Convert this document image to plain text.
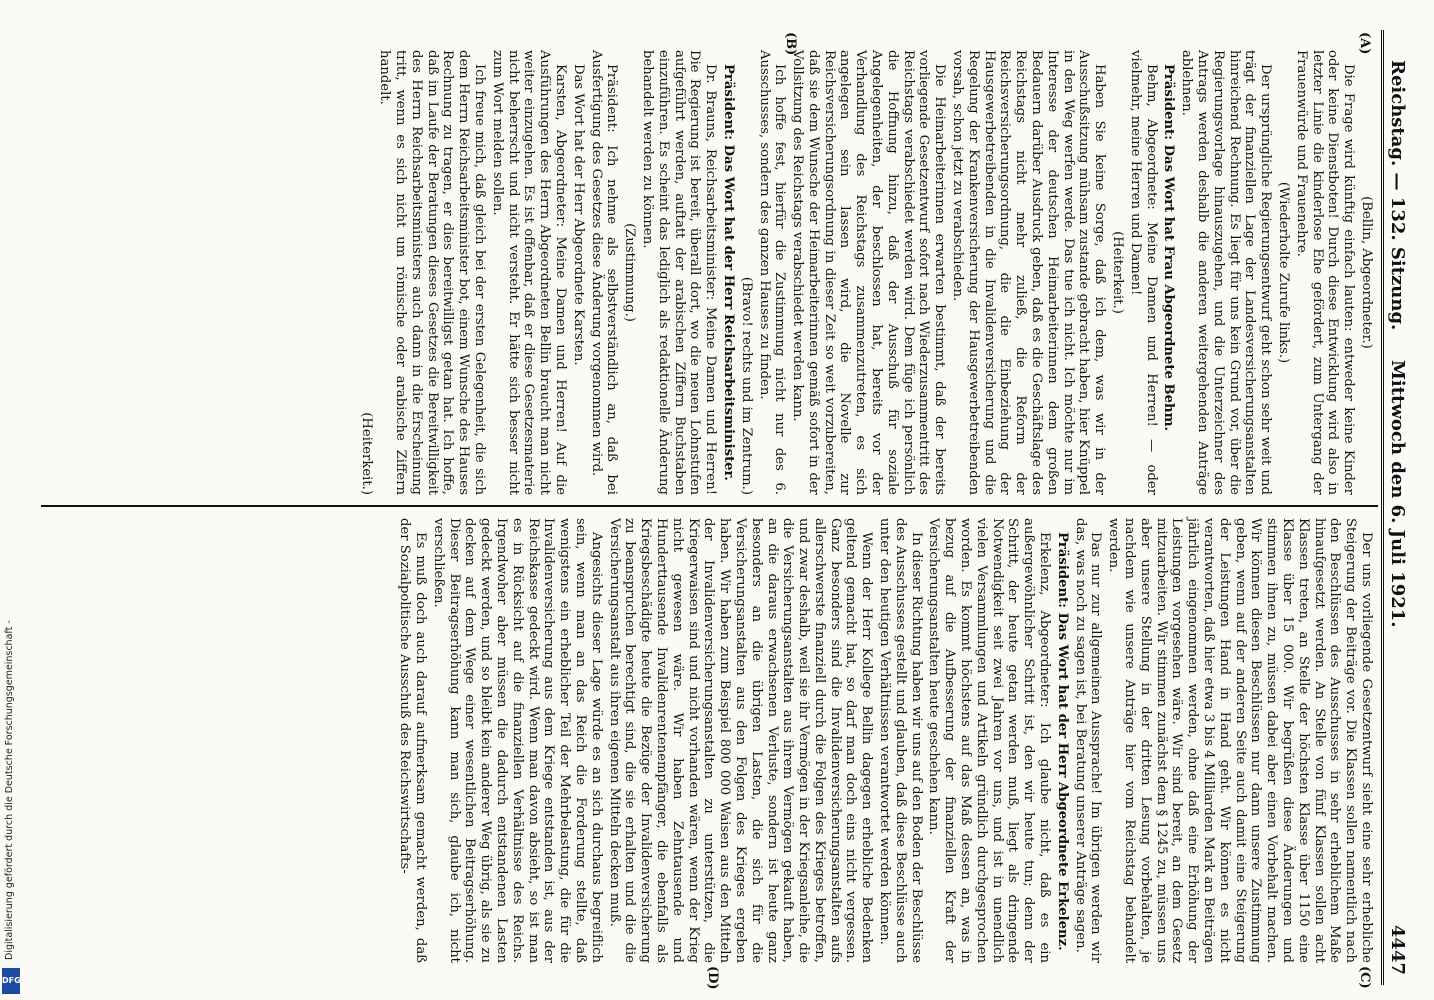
Reichstag. — 132. Sitzung.
Mittwoch den 6. Juli 1921.
4447
(A)
(B)
(C)
(D)

(Bellin, Abgeordneter.)

Die Frage wird künftig einfach lauten: entweder keine Kinder oder keine Dienstboten! Durch diese Entwicklung wird also in letzter Linie die kinderlose Ehe gefördert, zum Untergang der Frauenwürde und Frauenehre.

(Wiederholte Zurufe links.)

Der ursprüngliche Regierungsentwurf geht schon sehr weit und trägt der finanziellen Lage der Landesversicherungsanstalten hinreichend Rechnung. Es liegt für uns kein Grund vor, über die Regierungsvorlage hinauszugehen, und die Unterzeichner des Antrags werden deshalb die anderen weitergehenden Anträge ablehnen.

Präsident: Das Wort hat Frau Abgeordnete Behm.

Behm, Abgeordnete: Meine Damen und Herren! — oder vielmehr, meine Herren und Damen!

(Heiterkeit.)

Haben Sie keine Sorge, daß ich dem, was wir in der Ausschußsitzung mühsam zustande gebracht haben, hier Knüppel in den Weg werfen werde. Das tue ich nicht. Ich möchte nur im Interesse der deutschen Heimarbeiterinnen dem großen Bedauern darüber Ausdruck geben, daß es die Geschäftslage des Reichstags nicht mehr zuließ, die Reform der Reichsversicherungsordnung, die die Einbeziehung der Hausgewerbetreibenden in die Invalidenversicherung und die Regelung der Krankenversicherung der Hausgewerbetreibenden vorsah, schon jetzt zu verabschieden.

Die Heimarbeiterinnen erwarten bestimmt, daß der bereits vorliegende Gesetzentwurf sofort nach Wiederzusammentritt des Reichstags verabschiedet werden wird. Dem füge ich persönlich die Hoffnung hinzu, daß der Ausschuß für soziale Angelegenheiten, der beschlossen hat, bereits vor der Verhandlung des Reichstags zusammenzutreten, es sich angelegen sein lassen wird, die Novelle zur Reichsversicherungsordnung in dieser Zeit so weit vorzubereiten, daß sie dem Wunsche der Heimarbeiterinnen gemäß sofort in der Vollsitzung des Reichstags verabschiedet werden kann.

Ich hoffe fest, hierfür die Zustimmung nicht nur des 6. Ausschusses, sondern des ganzen Hauses zu finden.

(Bravo! rechts und im Zentrum.)

Präsident: Das Wort hat der Herr Reichsarbeitsminister.

Dr. Brauns, Reichsarbeitsminister: Meine Damen und Herren! Die Regierung ist bereit, überall dort, wo die neuen Lohnstufen aufgeführt werden, auftatt der arabischen Ziffern Buchstaben einzuführen. Es scheint das lediglich als redaktionelle Änderung behandelt werden zu können.

(Zustimmung.)

Präsident: Ich nehme als selbstverständlich an, daß bei Ausfertigung des Gesetzes diese Änderung vorgenommen wird.

Das Wort hat der Herr Abgeordnete Karsten.

Karsten, Abgeordneter: Meine Damen und Herren! Auf die Ausführungen des Herrn Abgeordneten Bellin braucht man nicht weiter einzugehen. Es ist offenbar, daß er diese Gesetzesmaterie nicht beherrscht und nicht versteht. Er hätte sich besser nicht zum Wort melden sollen.

Ich freue mich, daß gleich bei der ersten Gelegenheit, die sich dem Herrn Reichsarbeitsminister bot, einem Wunsche des Hauses Rechnung zu tragen, er dies bereitwilligst getan hat. Ich hoffe, daß im Laufe der Beratungen dieses Gesetzes die Bereitwilligkeit des Herrn Reichsarbeitsministers auch dann in die Erscheinung tritt, wenn es sich nicht um römische oder arabische Ziffern handelt.

(Heiterkeit.)

Der uns vorliegende Gesetzentwurf sieht eine sehr erhebliche Steigerung der Beiträge vor. Die Klassen sollen namentlich nach den Beschlüssen des Ausschusses in sehr erheblichem Maße hinaufgesetzt werden. An Stelle von fünf Klassen sollen acht Klassen treten, an Stelle der höchsten Klasse über 1150 eine Klasse über 15 000. Wir begrüßen diese Änderungen und stimmen ihnen zu, müssen dabei aber einen Vorbehalt machen. Wir können diesen Beschlüssen nur dann unsere Zustimmung geben, wenn auf der anderen Seite auch damit eine Steigerung der Leistungen Hand in Hand geht. Wir können es nicht verantworten, daß hier etwa 3 bis 4 Milliarden Mark an Beiträgen jährlich eingenommen werden, ohne daß eine Erhöhung der Leistungen vorgesehen wäre. Wir sind bereit, an dem Gesetz mitzuarbeiten. Wir stimmen zunächst dem § 1245 zu, müssen uns aber unsere Stellung in der dritten Lesung vorbehalten, je nachdem wie unsere Anträge hier vom Reichstag behandelt werden.

Das nur zur allgemeinen Aussprache! Im übrigen werden wir das, was noch zu sagen ist, bei Beratung unserer Anträge sagen.

Präsident: Das Wort hat der Herr Abgeordnete Erkelenz.

Erkelenz, Abgeordneter: Ich glaube nicht, daß es ein außergewöhnlicher Schritt ist, den wir heute tun; denn der Schritt, der heute getan werden muß, liegt als dringende Notwendigkeit seit zwei Jahren vor uns, und ist in unendlich vielen Versammlungen und Artikeln gründlich durchgesprochen worden. Es kommt höchstens auf das Maß dessen an, was in bezug auf die Aufbesserung der finanziellen Kraft der Versicherungsanstalten heute geschehen kann.

In dieser Richtung haben wir uns auf den Boden der Beschlüsse des Ausschusses gestellt und glauben, daß diese Beschlüsse auch unter den heutigen Verhältnissen verantwortet werden können.

Wenn der Herr Kollege Bellin dagegen erhebliche Bedenken geltend gemacht hat, so darf man doch eins nicht vergessen. Ganz besonders sind die Invalidenversicherungsanstalten aufs allerschwerste finanziell durch die Folgen des Krieges betroffen, und zwar deshalb, weil sie ihr Vermögen in der Kriegsanleihe, die die Versicherungsanstalten aus ihrem Vermögen gekauft haben, an die daraus erwachsenen Verluste, sondern ist heute ganz besonders an die übrigen Lasten, die sich für die Versicherungsanstalten aus den Folgen des Krieges ergeben haben. Wir haben zum Beispiel 800 000 Waisen aus den Mitteln der Invalidenversicherungsanstalten zu unterstützen, die Kriegerwaisen sind und nicht vorhanden wären, wenn der Krieg nicht gewesen wäre. Wir haben Zehntausende und Hunderttausende Invalidenrentenempfänger, die ebenfalls als Kriegsbeschädigte heute die Bezüge der Invalidenversicherung zu beanspruchen berechtigt sind, die sie erhalten und die die Versicherungsanstalt aus ihren eigenen Mitteln decken muß.

Angesichts dieser Lage würde es an sich durchaus begreiflich sein, wenn man an das Reich die Forderung stellte, daß wenigstens ein erheblicher Teil der Mehrbelastung, die für die Invalidenversicherung aus dem Kriege entstanden ist, aus der Reichskasse gedeckt wird. Wenn man davon absieht, so ist man es in Rücksicht auf die finanziellen Verhältnisse des Reichs. Irgendwoher aber müssen die dadurch entstandenen Lasten gedeckt werden, und so bleibt kein anderer Weg übrig, als sie zu decken auf dem Wege einer wesentlichen Beitragserhöhung. Dieser Beitragserhöhung kann man sich, glaube ich, nicht verschließen.

Es muß doch auch darauf aufmerksam gemacht werden, daß der Sozialpolitische Ausschuß des Reichswirtschafts-

Digitalisierung gefördert durch die Deutsche Forschungsgemeinschaft -
DFG
